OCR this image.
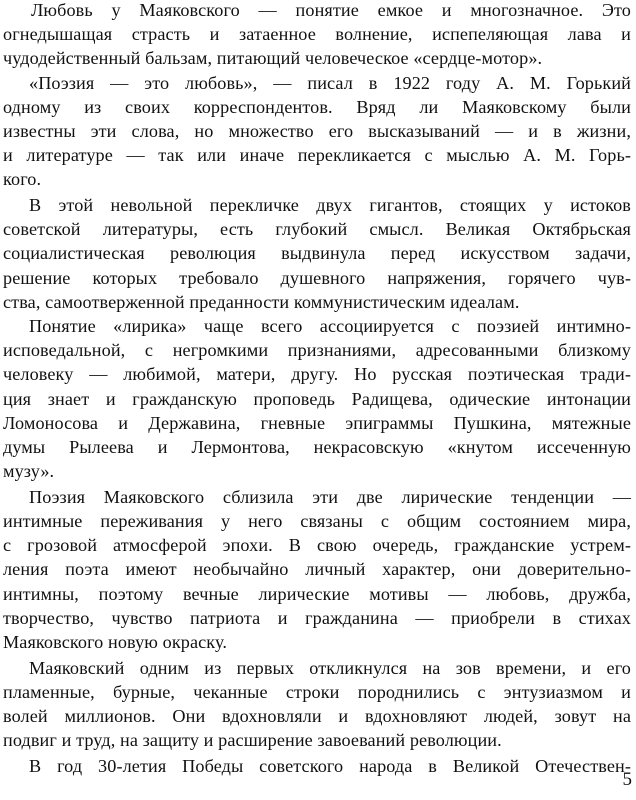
Любовь у Маяковского — понятие емкое и многозначное. Это
огнедышащая страсть и затаенное волнение, испепеляющая лава и
чудодейственный бальзам, питающий человеческое «сердце-мотор».

«Поэзия — это любовь», — писал в 1922 году А. М. Горький
одному из своих корреспондентов. Вряд ли Маяковскому были
известны эти слова, но множество его высказываний — и в жизни,
и литературе — так или иначе перекликается с мыслью А. М. Горь-
кого.

В этой невольной перекличке двух гигантов, стоящих у истоков
советской литературы, есть глубокий смысл. Великая Октябрьская
социалистическая революция выдвинула перед искусством задачи,
решение которых требовало душевного напряжения, горячего чув-
ства, самоотверженной преданности коммунистическим идеалам.

Понятие «лирика» чаще всего ассоциируется с поэзией интимно-
исповедальной, с негромкими признаниями, адресованными близкому
человеку — любимой, матери, другу. Но русская поэтическая тради-
ция знает и гражданскую проповедь Радищева, одические интонации
Ломоносова и Державина, гневные эпиграммы Пушкина, мятежные
думы Рылеева и Лермонтова, некрасовскую «кнутом иссеченную
музу».

Поэзия Маяковского сблизила эти две лирические тенденции —
интимные переживания у него связаны с общим состоянием мира,
с грозовой атмосферой эпохи. В свою очередь, гражданские устрем-
ления поэта имеют необычайно личный характер, они доверительно-
интимны, поэтому вечные лирические мотивы — любовь, дружба,
творчество, чувство патриота и гражданина — приобрели в стихах
Маяковского новую окраску.

Маяковский одним из первых откликнулся на зов времени, и его
пламенные, бурные, чеканные строки породнились с энтузиазмом и
волей миллионов. Они вдохновляли и вдохновляют людей, зовут на
подвиг и труд, на защиту и расширение завоеваний революции.

В год 30-летия Победы советского народа в Великой Отечествен-

5
